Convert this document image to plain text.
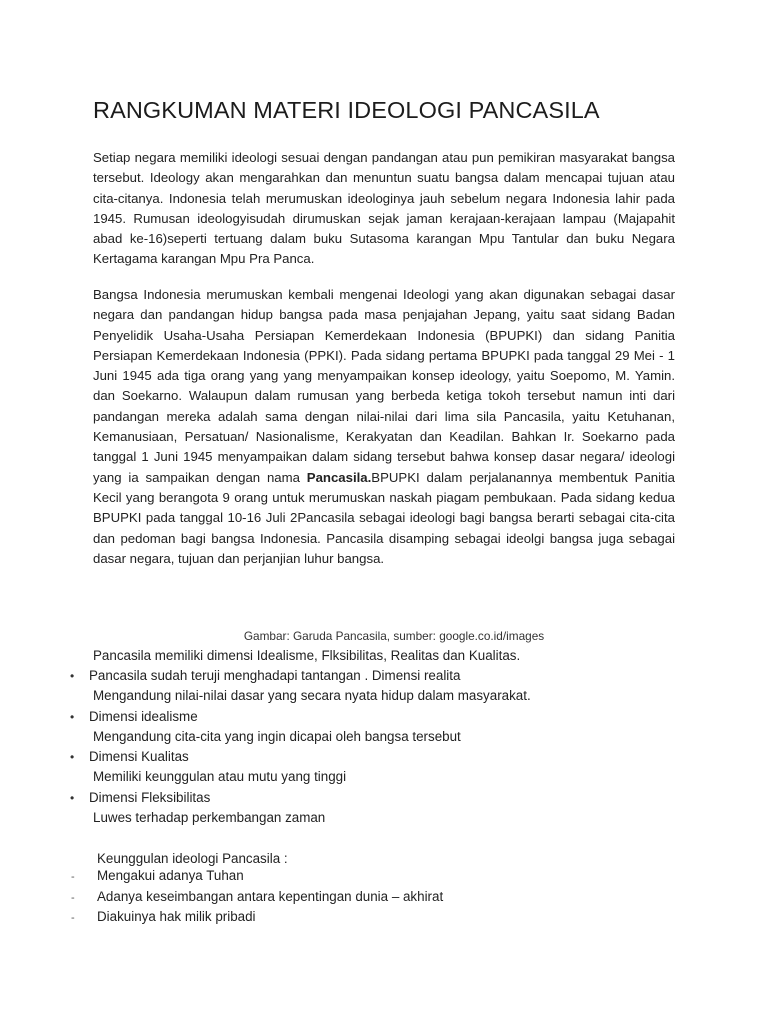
RANGKUMAN MATERI IDEOLOGI PANCASILA

Setiap negara memiliki ideologi sesuai dengan pandangan atau pun pemikiran masyarakat bangsa tersebut. Ideology akan mengarahkan dan menuntun suatu bangsa dalam mencapai tujuan atau cita-citanya. Indonesia telah merumuskan ideologinya jauh sebelum negara Indonesia lahir pada 1945. Rumusan ideologyisudah dirumuskan sejak jaman kerajaan-kerajaan lampau (Majapahit abad ke-16)seperti tertuang dalam buku Sutasoma karangan Mpu Tantular dan buku Negara Kertagama karangan Mpu Pra Panca.

Bangsa Indonesia merumuskan kembali mengenai Ideologi yang akan digunakan sebagai dasar negara dan pandangan hidup bangsa pada masa penjajahan Jepang, yaitu saat sidang Badan Penyelidik Usaha-Usaha Persiapan Kemerdekaan Indonesia (BPUPKI) dan sidang Panitia Persiapan Kemerdekaan Indonesia (PPKI). Pada sidang pertama BPUPKI pada tanggal 29 Mei - 1 Juni 1945 ada tiga orang yang yang menyampaikan konsep ideology, yaitu Soepomo, M. Yamin. dan Soekarno. Walaupun dalam rumusan yang berbeda ketiga tokoh tersebut namun inti dari pandangan mereka adalah sama dengan nilai-nilai dari lima sila Pancasila, yaitu Ketuhanan, Kemanusiaan, Persatuan/ Nasionalisme, Kerakyatan dan Keadilan. Bahkan Ir. Soekarno pada tanggal 1 Juni 1945 menyampaikan dalam sidang tersebut bahwa konsep dasar negara/ ideologi yang ia sampaikan dengan nama Pancasila.BPUPKI dalam perjalanannya membentuk Panitia Kecil yang berangota 9 orang untuk merumuskan naskah piagam pembukaan. Pada sidang kedua BPUPKI pada tanggal 10-16 Juli 2Pancasila sebagai ideologi bagi bangsa berarti sebagai cita-cita dan pedoman bagi bangsa Indonesia. Pancasila disamping sebagai ideolgi bangsa juga sebagai dasar negara, tujuan dan perjanjian luhur bangsa.

Gambar: Garuda Pancasila, sumber: google.co.id/images

Pancasila memiliki dimensi Idealisme, Flksibilitas, Realitas dan Kualitas.

• Pancasila sudah teruji menghadapi tantangan . Dimensi realita

Mengandung nilai-nilai dasar yang secara nyata hidup dalam masyarakat.

• Dimensi idealisme

Mengandung cita-cita yang ingin dicapai oleh bangsa tersebut

• Dimensi Kualitas

Memiliki keunggulan atau mutu yang tinggi

• Dimensi Fleksibilitas

Luwes terhadap perkembangan zaman

Keunggulan ideologi Pancasila :

- Mengakui adanya Tuhan

- Adanya keseimbangan antara kepentingan dunia – akhirat

- Diakuinya hak milik pribadi
